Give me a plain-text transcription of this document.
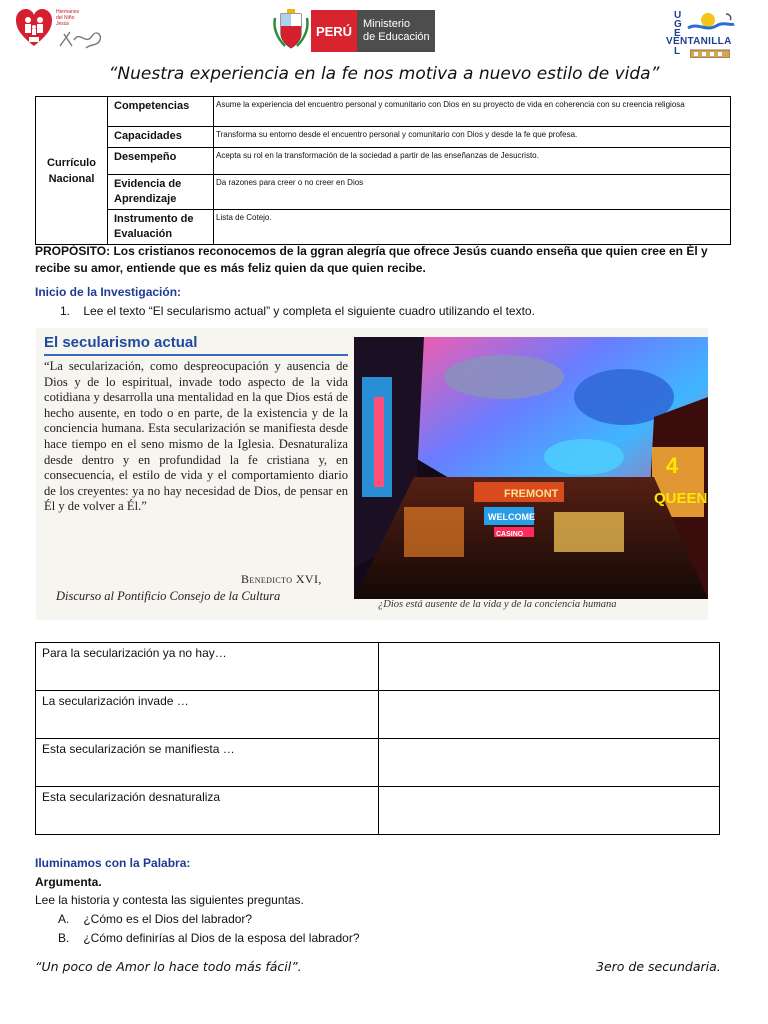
Hermanos del Niño Jesús	PERÚ Ministerio
de Educación
U
G
E
L
VENTANILLA
“Nuestra experiencia en la fe nos motiva a nuevo estilo de vida”
Currículo Nacional	Competencias	Asume la experiencia del encuentro personal y comunitario con Dios en su proyecto de vida en coherencia con su creencia religiosa
	Capacidades	Transforma su entorno desde el encuentro personal y comunitario con Dios y desde la fe que profesa.
	Desempeño	Acepta su rol en la transformación de la sociedad a partir de las enseñanzas de Jesucristo.
	Evidencia de Aprendizaje	Da razones para creer o no creer en Dios
	Instrumento de Evaluación	Lista de Cotejo.
PROPÓSITO: Los cristianos reconocemos de la ggran alegría que ofrece Jesús cuando enseña que quien cree en Él y recibe su amor, entiende que es más feliz quien da que quien recibe.
Inicio de la Investigación:
1. Lee el texto “El secularismo actual” y completa el siguiente cuadro utilizando el texto.
El secularismo actual
“La secularización, como despreocupación y ausencia de Dios y de lo espiritual, invade todo aspecto de la vida cotidiana y desarrolla una mentalidad en la que Dios está de hecho ausente, en todo o en parte, de la existencia y de la conciencia humana. Esta secularización se manifiesta desde hace tiempo en el seno mismo de la Iglesia. Desnaturaliza desde dentro y en profundidad la fe cristiana y, en consecuencia, el estilo de vida y el comportamiento diario de los creyentes: ya no hay necesidad de Dios, de pensar en Él y de volver a Él.”
Benedicto XVI,
Discurso al Pontificio Consejo de la Cultura
FREMONT
WELCOME
CASINO
4
QUEEN
¿Dios está ausente de la vida y de la conciencia humana
Para la secularización ya no hay…	
La secularización invade …	
Esta secularización se manifiesta …	
Esta secularización desnaturaliza	
Iluminamos con la Palabra:
Argumenta.
Lee la historia y contesta las siguientes preguntas.
A. ¿Cómo es el Dios del labrador?
B. ¿Cómo definirías al Dios de la esposa del labrador?
“Un poco de Amor lo hace todo más fácil”.	3ero de secundaria.
